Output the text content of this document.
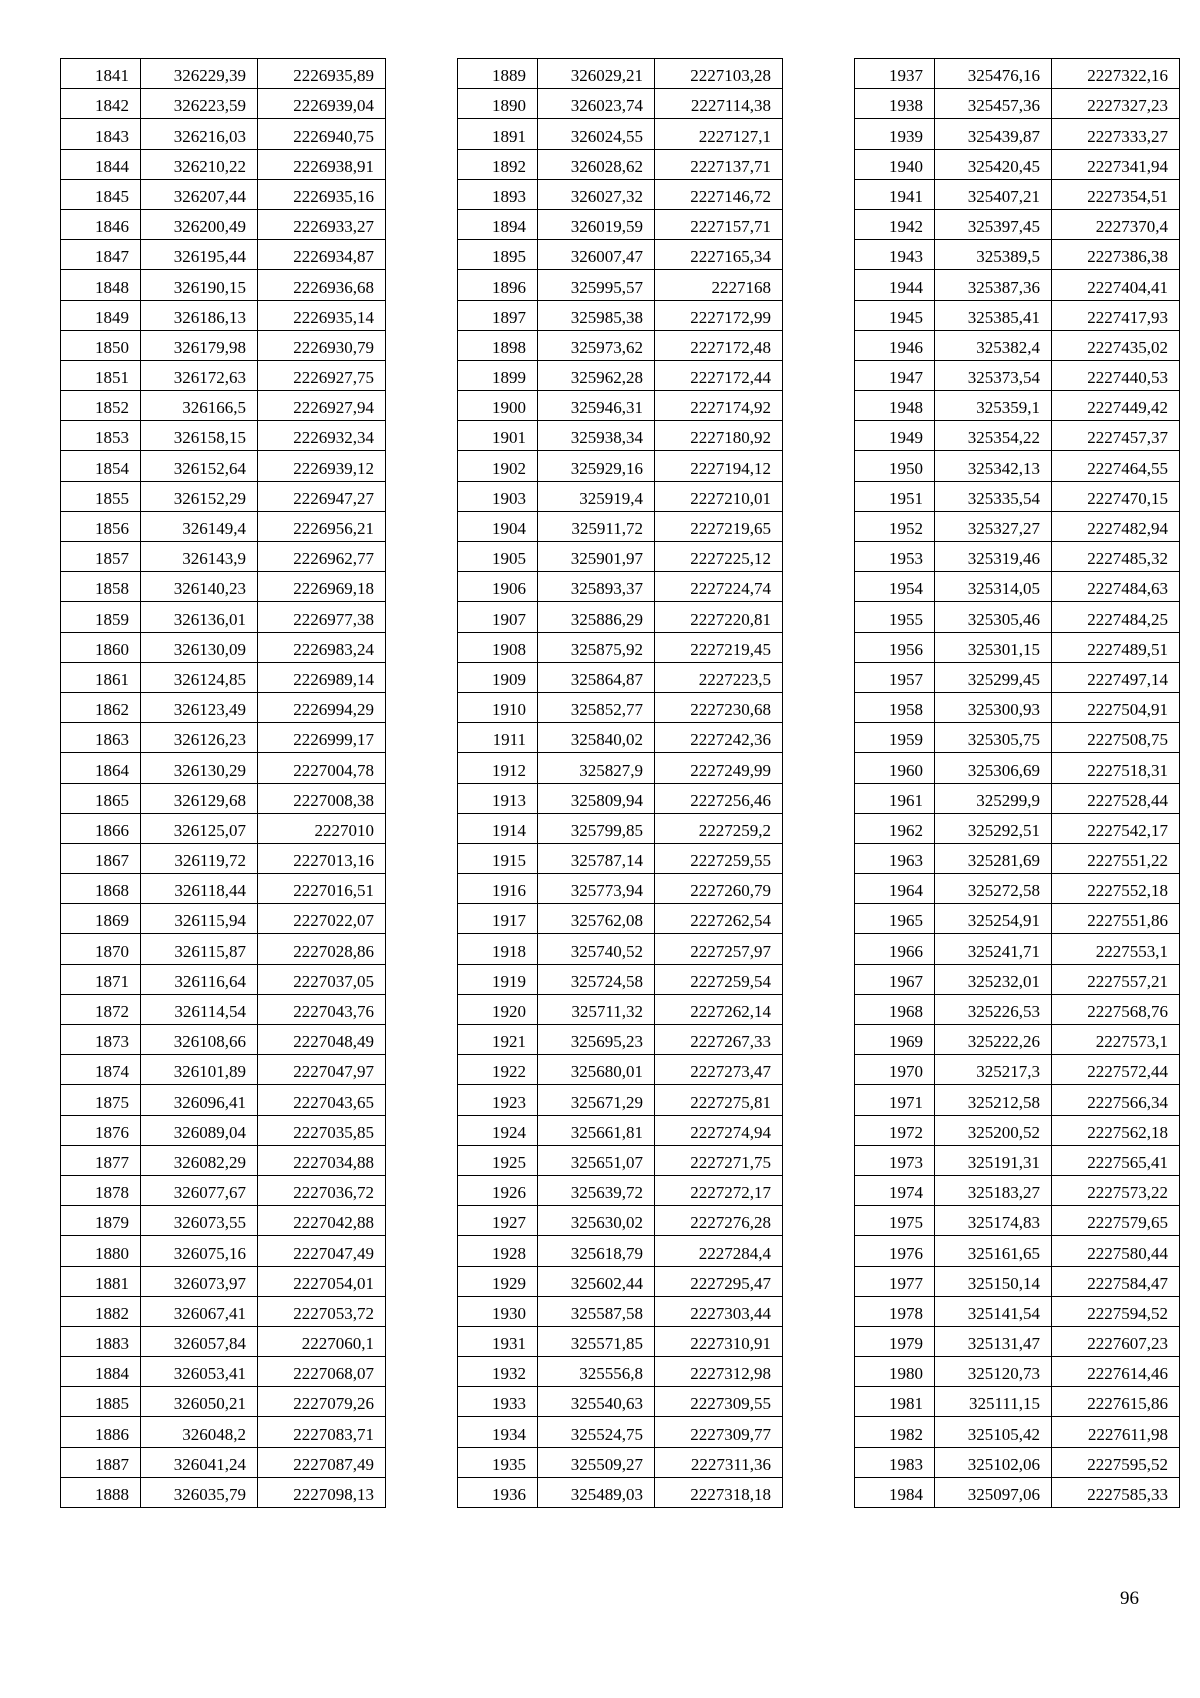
1841	326229,39	2226935,89
1842	326223,59	2226939,04
1843	326216,03	2226940,75
1844	326210,22	2226938,91
1845	326207,44	2226935,16
1846	326200,49	2226933,27
1847	326195,44	2226934,87
1848	326190,15	2226936,68
1849	326186,13	2226935,14
1850	326179,98	2226930,79
1851	326172,63	2226927,75
1852	326166,5	2226927,94
1853	326158,15	2226932,34
1854	326152,64	2226939,12
1855	326152,29	2226947,27
1856	326149,4	2226956,21
1857	326143,9	2226962,77
1858	326140,23	2226969,18
1859	326136,01	2226977,38
1860	326130,09	2226983,24
1861	326124,85	2226989,14
1862	326123,49	2226994,29
1863	326126,23	2226999,17
1864	326130,29	2227004,78
1865	326129,68	2227008,38
1866	326125,07	2227010
1867	326119,72	2227013,16
1868	326118,44	2227016,51
1869	326115,94	2227022,07
1870	326115,87	2227028,86
1871	326116,64	2227037,05
1872	326114,54	2227043,76
1873	326108,66	2227048,49
1874	326101,89	2227047,97
1875	326096,41	2227043,65
1876	326089,04	2227035,85
1877	326082,29	2227034,88
1878	326077,67	2227036,72
1879	326073,55	2227042,88
1880	326075,16	2227047,49
1881	326073,97	2227054,01
1882	326067,41	2227053,72
1883	326057,84	2227060,1
1884	326053,41	2227068,07
1885	326050,21	2227079,26
1886	326048,2	2227083,71
1887	326041,24	2227087,49
1888	326035,79	2227098,13
1889	326029,21	2227103,28
1890	326023,74	2227114,38
1891	326024,55	2227127,1
1892	326028,62	2227137,71
1893	326027,32	2227146,72
1894	326019,59	2227157,71
1895	326007,47	2227165,34
1896	325995,57	2227168
1897	325985,38	2227172,99
1898	325973,62	2227172,48
1899	325962,28	2227172,44
1900	325946,31	2227174,92
1901	325938,34	2227180,92
1902	325929,16	2227194,12
1903	325919,4	2227210,01
1904	325911,72	2227219,65
1905	325901,97	2227225,12
1906	325893,37	2227224,74
1907	325886,29	2227220,81
1908	325875,92	2227219,45
1909	325864,87	2227223,5
1910	325852,77	2227230,68
1911	325840,02	2227242,36
1912	325827,9	2227249,99
1913	325809,94	2227256,46
1914	325799,85	2227259,2
1915	325787,14	2227259,55
1916	325773,94	2227260,79
1917	325762,08	2227262,54
1918	325740,52	2227257,97
1919	325724,58	2227259,54
1920	325711,32	2227262,14
1921	325695,23	2227267,33
1922	325680,01	2227273,47
1923	325671,29	2227275,81
1924	325661,81	2227274,94
1925	325651,07	2227271,75
1926	325639,72	2227272,17
1927	325630,02	2227276,28
1928	325618,79	2227284,4
1929	325602,44	2227295,47
1930	325587,58	2227303,44
1931	325571,85	2227310,91
1932	325556,8	2227312,98
1933	325540,63	2227309,55
1934	325524,75	2227309,77
1935	325509,27	2227311,36
1936	325489,03	2227318,18
1937	325476,16	2227322,16
1938	325457,36	2227327,23
1939	325439,87	2227333,27
1940	325420,45	2227341,94
1941	325407,21	2227354,51
1942	325397,45	2227370,4
1943	325389,5	2227386,38
1944	325387,36	2227404,41
1945	325385,41	2227417,93
1946	325382,4	2227435,02
1947	325373,54	2227440,53
1948	325359,1	2227449,42
1949	325354,22	2227457,37
1950	325342,13	2227464,55
1951	325335,54	2227470,15
1952	325327,27	2227482,94
1953	325319,46	2227485,32
1954	325314,05	2227484,63
1955	325305,46	2227484,25
1956	325301,15	2227489,51
1957	325299,45	2227497,14
1958	325300,93	2227504,91
1959	325305,75	2227508,75
1960	325306,69	2227518,31
1961	325299,9	2227528,44
1962	325292,51	2227542,17
1963	325281,69	2227551,22
1964	325272,58	2227552,18
1965	325254,91	2227551,86
1966	325241,71	2227553,1
1967	325232,01	2227557,21
1968	325226,53	2227568,76
1969	325222,26	2227573,1
1970	325217,3	2227572,44
1971	325212,58	2227566,34
1972	325200,52	2227562,18
1973	325191,31	2227565,41
1974	325183,27	2227573,22
1975	325174,83	2227579,65
1976	325161,65	2227580,44
1977	325150,14	2227584,47
1978	325141,54	2227594,52
1979	325131,47	2227607,23
1980	325120,73	2227614,46
1981	325111,15	2227615,86
1982	325105,42	2227611,98
1983	325102,06	2227595,52
1984	325097,06	2227585,33
96
